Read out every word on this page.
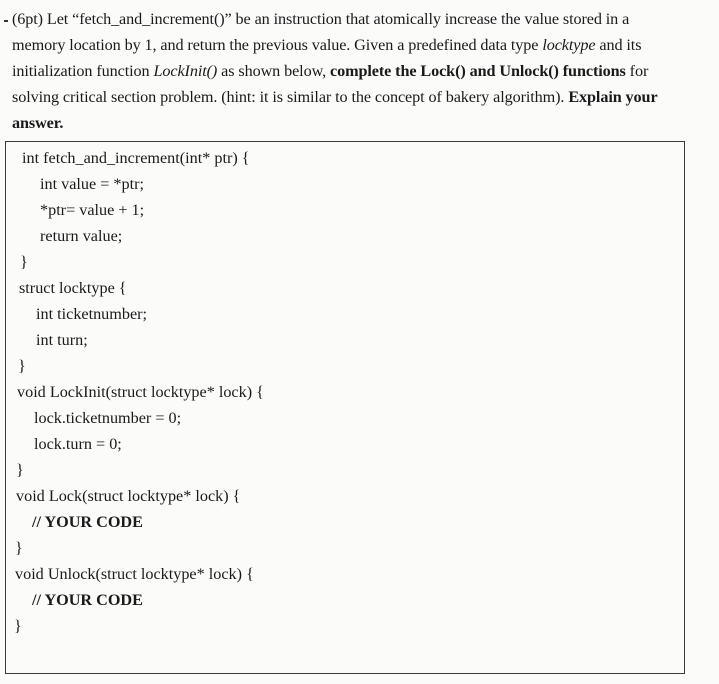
(6pt) Let “fetch_and_increment()” be an instruction that atomically increase the value stored in a
memory location by 1, and return the previous value. Given a predefined data type locktype and its
initialization function LockInit() as shown below, complete the Lock() and Unlock() functions for
solving critical section problem. (hint: it is similar to the concept of bakery algorithm). Explain your
answer.
int fetch_and_increment(int* ptr) {
int value = *ptr;
*ptr= value + 1;
return value;
}
struct locktype {
int ticketnumber;
int turn;
}
void LockInit(struct locktype* lock) {
lock.ticketnumber = 0;
lock.turn = 0;
}
void Lock(struct locktype* lock) {
// YOUR CODE
}
void Unlock(struct locktype* lock) {
// YOUR CODE
}
